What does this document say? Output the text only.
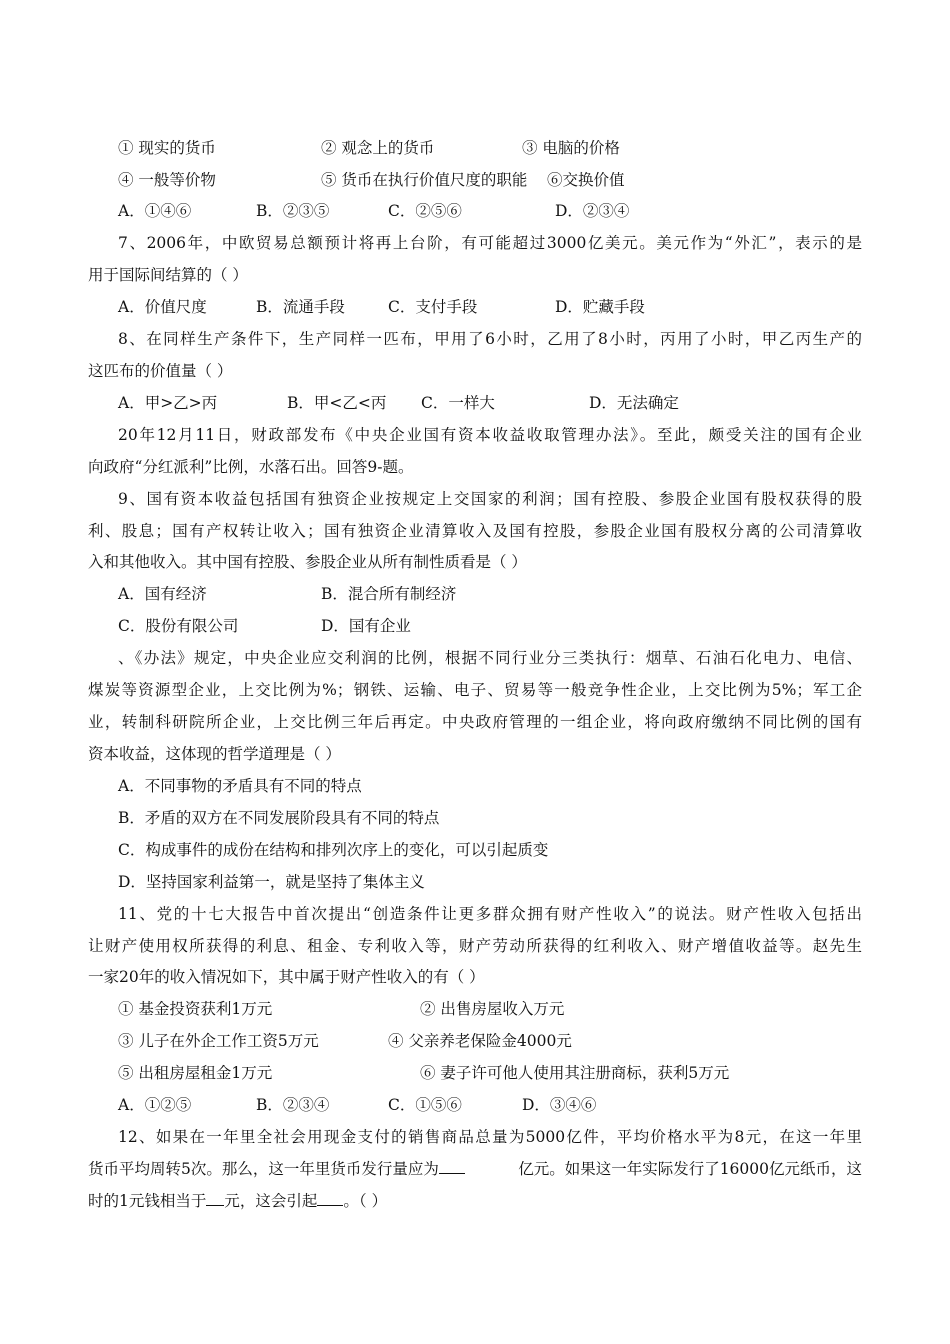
① 现实的货币	② 观念上的货币	③ 电脑的价格
④ 一般等价物	⑤ 货币在执行价值尺度的职能 ⑥交换价值
A．①④⑥	B．②③⑤	C．②⑤⑥	D．②③④
7、2006年，中欧贸易总额预计将再上台阶，有可能超过3000亿美元。美元作为“外汇”，表示的是
用于国际间结算的（ ）
A．价值尺度	B．流通手段	C．支付手段	D．贮藏手段
8、在同样生产条件下，生产同样一匹布，甲用了6小时，乙用了8小时，丙用了小时，甲乙丙生产的
这匹布的价值量（ ）
A．甲>乙>丙	B．甲<乙<丙 C．一样大	D．无法确定
20年12月11日，财政部发布《中央企业国有资本收益收取管理办法》。至此，颇受关注的国有企业
向政府“分红派利”比例，水落石出。回答9-题。
9、国有资本收益包括国有独资企业按规定上交国家的利润；国有控股、参股企业国有股权获得的股
利、股息；国有产权转让收入；国有独资企业清算收入及国有控股，参股企业国有股权分离的公司清算收
入和其他收入。其中国有控股、参股企业从所有制性质看是（ ）
A．国有经济	B．混合所有制经济
C．股份有限公司	D．国有企业
、《办法》规定，中央企业应交利润的比例，根据不同行业分三类执行：烟草、石油石化电力、电信、
煤炭等资源型企业，上交比例为%；钢铁、运输、电子、贸易等一般竞争性企业，上交比例为5%；军工企
业，转制科研院所企业，上交比例三年后再定。中央政府管理的一组企业，将向政府缴纳不同比例的国有
资本收益，这体现的哲学道理是（ ）
A．不同事物的矛盾具有不同的特点
B．矛盾的双方在不同发展阶段具有不同的特点
C．构成事件的成份在结构和排列次序上的变化，可以引起质变
D．坚持国家利益第一，就是坚持了集体主义
11、党的十七大报告中首次提出“创造条件让更多群众拥有财产性收入”的说法。财产性收入包括出
让财产使用权所获得的利息、租金、专利收入等，财产劳动所获得的红利收入、财产增值收益等。赵先生
一家20年的收入情况如下，其中属于财产性收入的有（ ）
① 基金投资获利1万元	② 出售房屋收入万元
③ 儿子在外企工作工资5万元	④ 父亲养老保险金4000元
⑤ 出租房屋租金1万元	⑥ 妻子许可他人使用其注册商标，获利5万元
A．①②⑤	B．②③④	C．①⑤⑥	D．③④⑥
12、如果在一年里全社会用现金支付的销售商品总量为5000亿件，平均价格水平为8元，在这一年里
货币平均周转5次。那么，这一年里货币发行量应为	亿元。如果这一年实际发行了16000亿元纸币，这
时的1元钱相当于 元，这会引起 。（ ）
